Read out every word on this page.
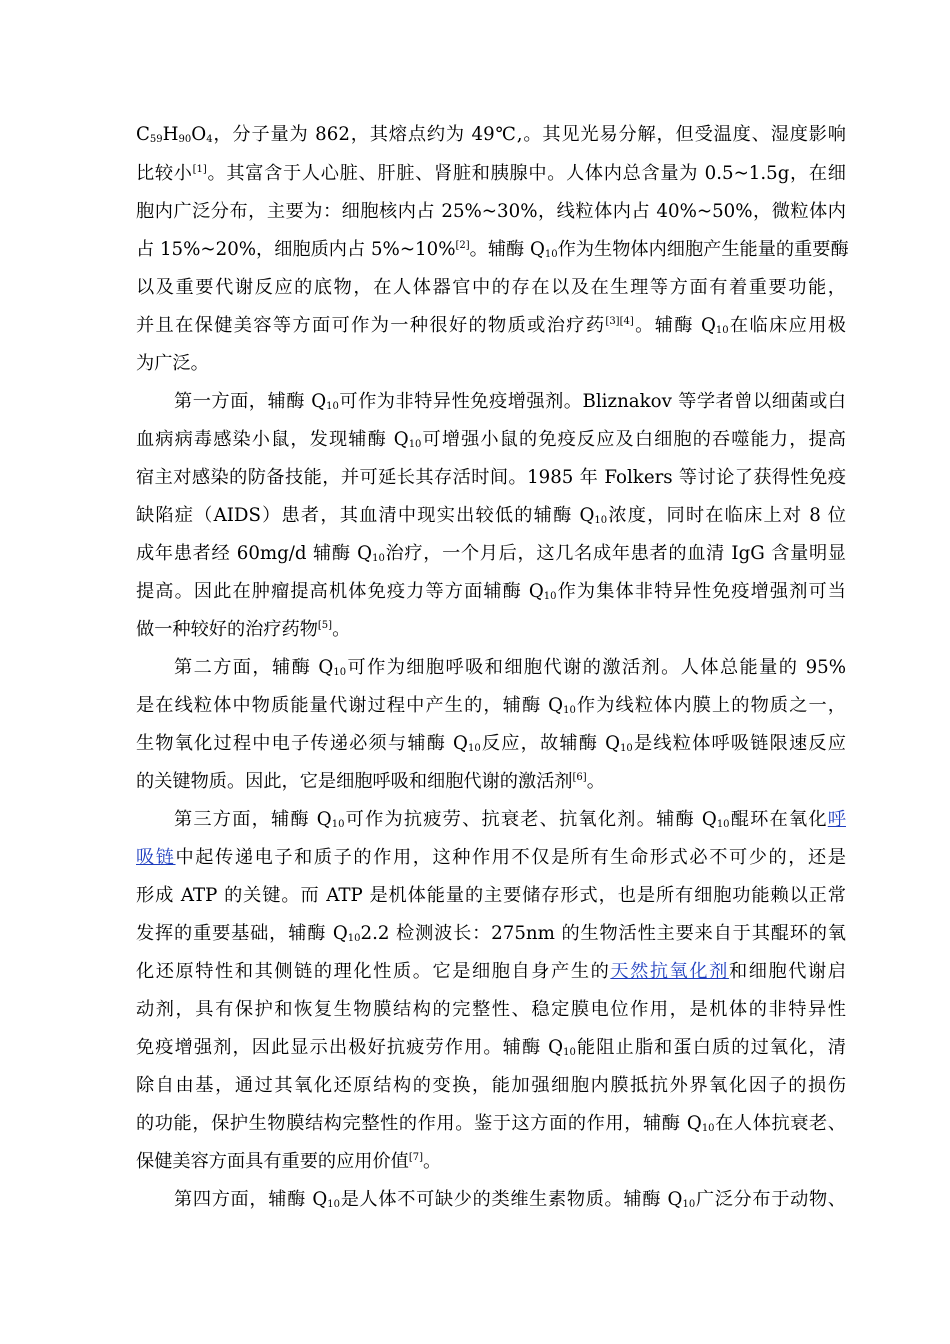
$C_{59}H_{90}O_4$，分子量为 862，其熔点约为 49℃,。其见光易分解，但受温度、湿度影响
比较小[1]。其富含于人心脏、肝脏、肾脏和胰腺中。人体内总含量为 0.5~1.5g，在细
胞内广泛分布，主要为：细胞核内占 25%~30%，线粒体内占 40%~50%，微粒体内
占 15%~20%，细胞质内占 5%~10%[2]。辅酶 $Q_{10}$作为生物体内细胞产生能量的重要酶
以及重要代谢反应的底物，在人体器官中的存在以及在生理等方面有着重要功能，
并且在保健美容等方面可作为一种很好的物质或治疗药[3][4]。辅酶 $Q_{10}$在临床应用极
为广泛。
第一方面，辅酶 $Q_{10}$可作为非特异性免疫增强剂。Bliznakov 等学者曾以细菌或白
血病病毒感染小鼠，发现辅酶 $Q_{10}$可增强小鼠的免疫反应及白细胞的吞噬能力，提高
宿主对感染的防备技能，并可延长其存活时间。1985 年 Folkers 等讨论了获得性免疫
缺陷症（AIDS）患者，其血清中现实出较低的辅酶 $Q_{10}$浓度，同时在临床上对 8 位
成年患者经 60mg/d 辅酶 $Q_{10}$治疗，一个月后，这几名成年患者的血清 IgG 含量明显
提高。因此在肿瘤提高机体免疫力等方面辅酶 $Q_{10}$作为集体非特异性免疫增强剂可当
做一种较好的治疗药物[5]。
第二方面，辅酶 $Q_{10}$可作为细胞呼吸和细胞代谢的激活剂。人体总能量的 95%
是在线粒体中物质能量代谢过程中产生的，辅酶 $Q_{10}$作为线粒体内膜上的物质之一，
生物氧化过程中电子传递必须与辅酶 $Q_{10}$反应，故辅酶 $Q_{10}$是线粒体呼吸链限速反应
的关键物质。因此，它是细胞呼吸和细胞代谢的激活剂[6]。
第三方面，辅酶 $Q_{10}$可作为抗疲劳、抗衰老、抗氧化剂。辅酶 $Q_{10}$醌环在氧化呼
吸链中起传递电子和质子的作用，这种作用不仅是所有生命形式必不可少的，还是
形成 ATP 的关键。而 ATP 是机体能量的主要储存形式，也是所有细胞功能赖以正常
发挥的重要基础，辅酶 $Q_{10}2.2$ 检测波长：275nm 的生物活性主要来自于其醌环的氧
化还原特性和其侧链的理化性质。它是细胞自身产生的天然抗氧化剂和细胞代谢启
动剂，具有保护和恢复生物膜结构的完整性、稳定膜电位作用，是机体的非特异性
免疫增强剂，因此显示出极好抗疲劳作用。辅酶 $Q_{10}$能阻止脂和蛋白质的过氧化，清
除自由基，通过其氧化还原结构的变换，能加强细胞内膜抵抗外界氧化因子的损伤
的功能，保护生物膜结构完整性的作用。鉴于这方面的作用，辅酶 $Q_{10}$在人体抗衰老、
保健美容方面具有重要的应用价值[7]。
第四方面，辅酶 $Q_{10}$是人体不可缺少的类维生素物质。辅酶 $Q_{10}$广泛分布于动物、
